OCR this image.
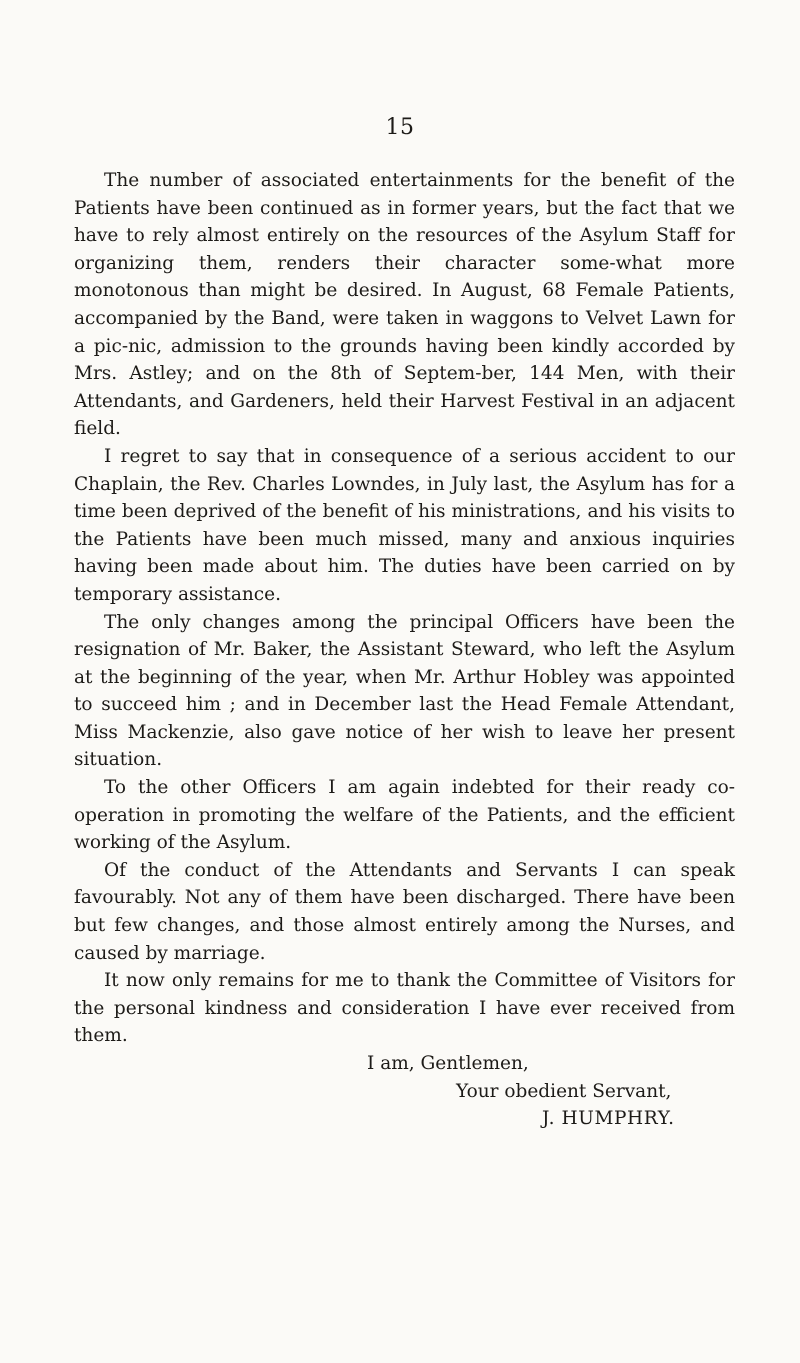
15

The number of associated entertainments for the benefit of the Patients have been continued as in former years, but the fact that we have to rely almost entirely on the resources of the Asylum Staff for organizing them, renders their character some-what more monotonous than might be desired. In August, 68 Female Patients, accompanied by the Band, were taken in waggons to Velvet Lawn for a pic-nic, admission to the grounds having been kindly accorded by Mrs. Astley; and on the 8th of Septem-ber, 144 Men, with their Attendants, and Gardeners, held their Harvest Festival in an adjacent field.

I regret to say that in consequence of a serious accident to our Chaplain, the Rev. Charles Lowndes, in July last, the Asylum has for a time been deprived of the benefit of his ministrations, and his visits to the Patients have been much missed, many and anxious inquiries having been made about him. The duties have been carried on by temporary assistance.

The only changes among the principal Officers have been the resignation of Mr. Baker, the Assistant Steward, who left the Asylum at the beginning of the year, when Mr. Arthur Hobley was appointed to succeed him ; and in December last the Head Female Attendant, Miss Mackenzie, also gave notice of her wish to leave her present situation.

To the other Officers I am again indebted for their ready co-operation in promoting the welfare of the Patients, and the efficient working of the Asylum.

Of the conduct of the Attendants and Servants I can speak favourably. Not any of them have been discharged. There have been but few changes, and those almost entirely among the Nurses, and caused by marriage.

It now only remains for me to thank the Committee of Visitors for the personal kindness and consideration I have ever received from them.

I am, Gentlemen,
Your obedient Servant,
J. HUMPHRY.
